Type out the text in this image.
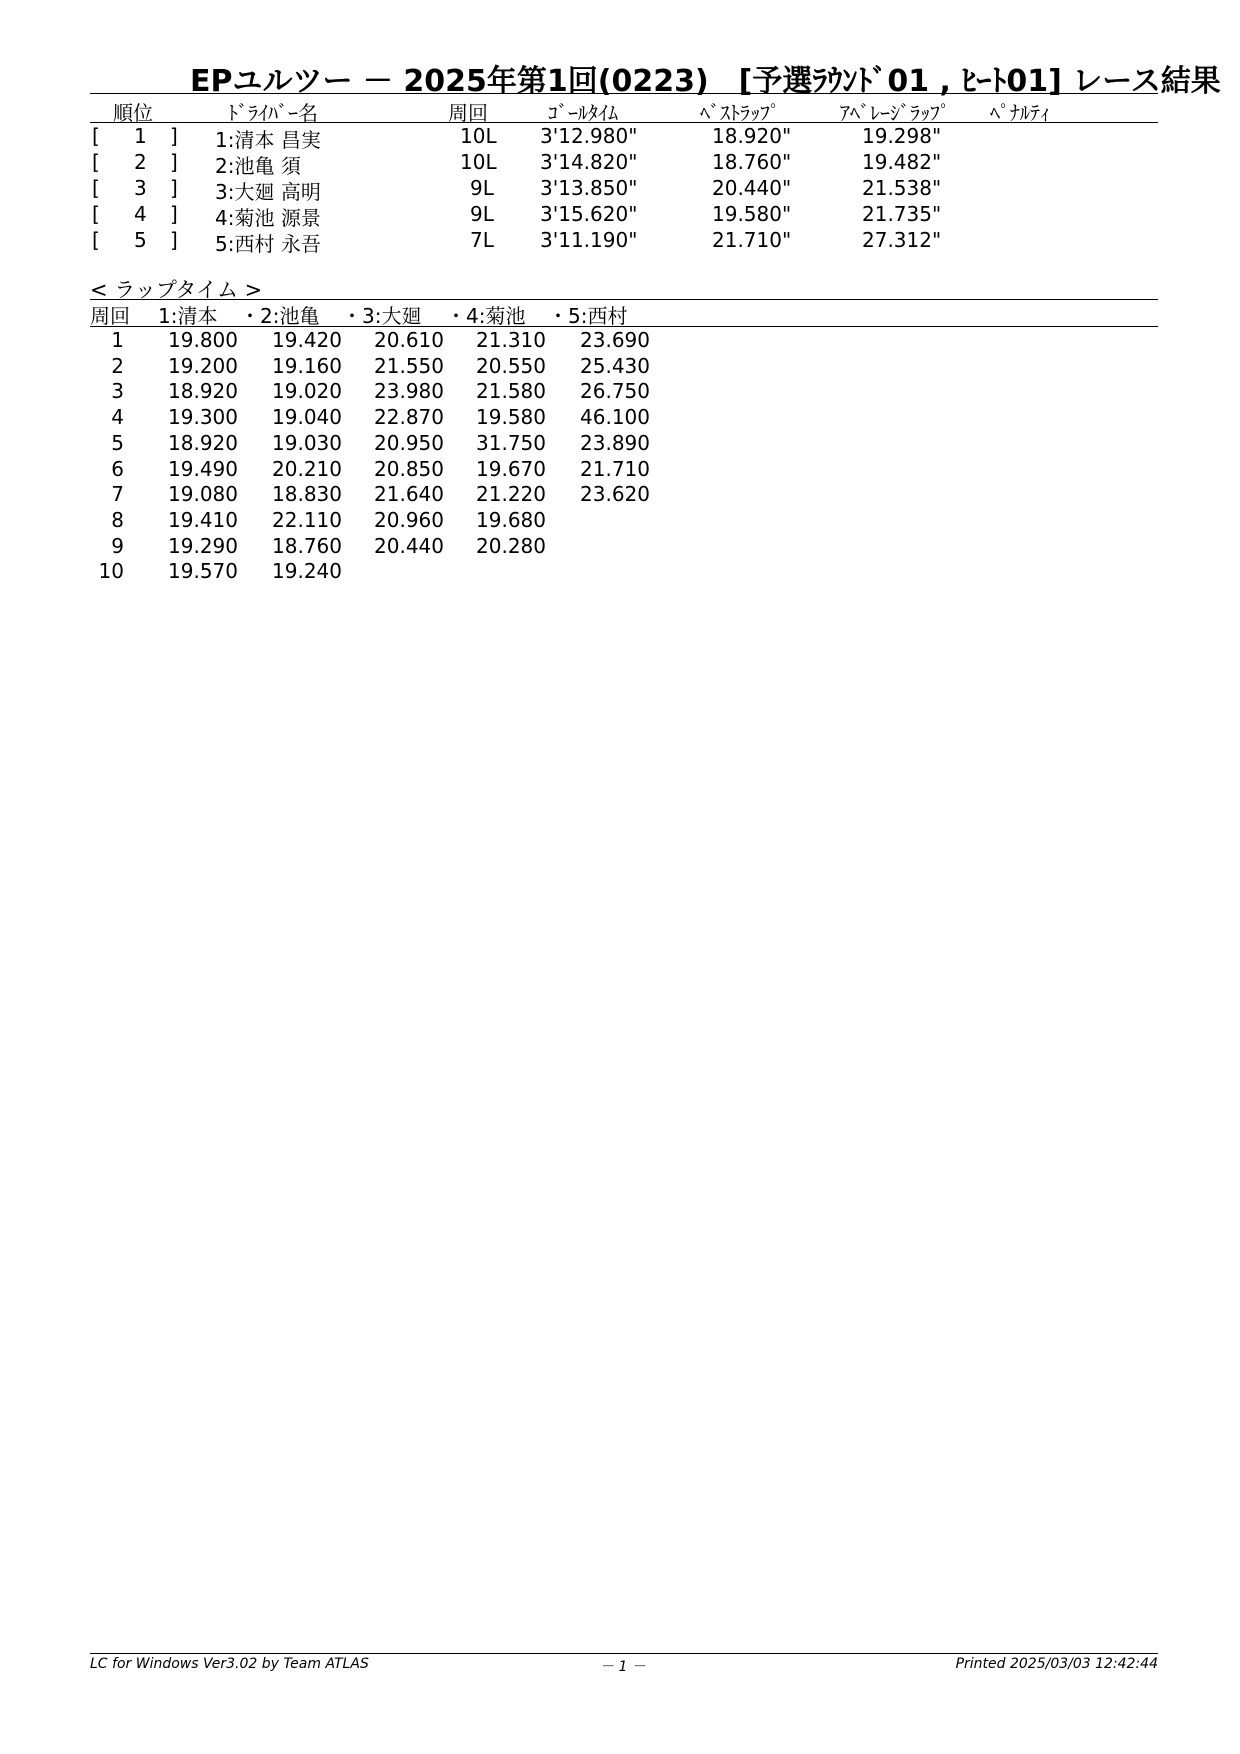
EPユルツー － 2025年第1回(0223)　[予選ﾗｳﾝﾄﾞ01 , ﾋｰﾄ01] レース結果
順位	ﾄﾞﾗｲﾊﾞｰ名	周回	ｺﾞｰﾙﾀｲﾑ	ﾍﾞｽﾄﾗｯﾌﾟ	ｱﾍﾞﾚｰｼﾞﾗｯﾌﾟ ﾍﾟﾅﾙﾃｨ
[ 1 ] 1:清本 昌実	10L 3'12.980"	18.920"	19.298"
[ 2 ] 2:池亀 須	10L 3'14.820"	18.760"	19.482"
[ 3 ] 3:大廻 高明	9L 3'13.850"	20.440"	21.538"
[ 4 ] 4:菊池 源景	9L 3'15.620"	19.580"	21.735"
[ 5 ] 5:西村 永吾	7L 3'11.190"	21.710"	27.312"
< ラップタイム >
周回 1:清本 ・2:池亀 ・3:大廻 ・4:菊池 ・5:西村
1 19.800 19.420 20.610 21.310 23.690
2 19.200 19.160 21.550 20.550 25.430
3 18.920 19.020 23.980 21.580 26.750
4 19.300 19.040 22.870 19.580 46.100
5 18.920 19.030 20.950 31.750 23.890
6 19.490 20.210 20.850 19.670 21.710
7 19.080 18.830 21.640 21.220 23.620
8 19.410 22.110 20.960 19.680
9 19.290 18.760 20.440 20.280
10 19.570 19.240
LC for Windows Ver3.02 by Team ATLAS	－ 1 －	Printed 2025/03/03 12:42:44
